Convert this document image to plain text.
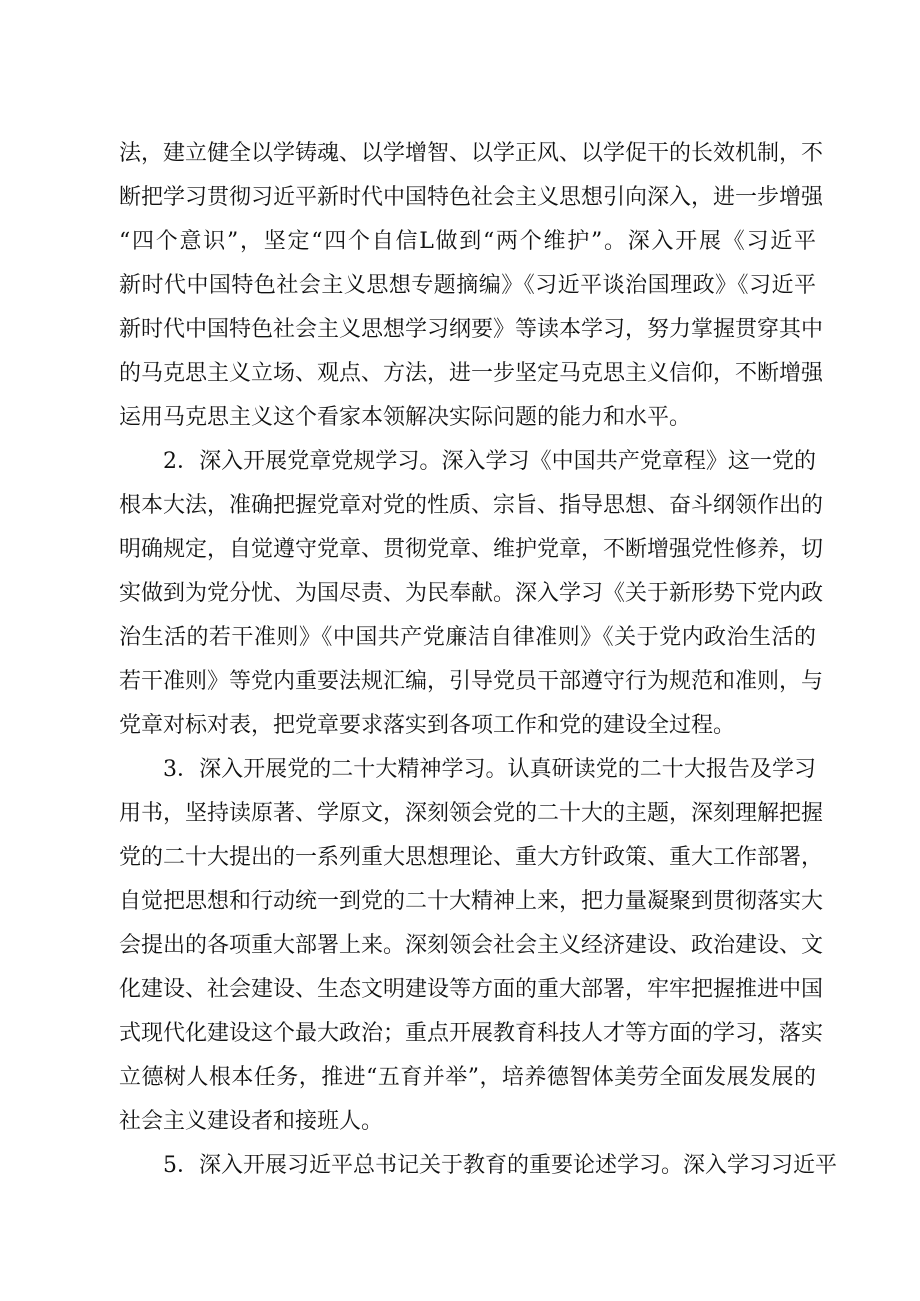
法，建立健全以学铸魂、以学增智、以学正风、以学促干的长效机制，不
断把学习贯彻习近平新时代中国特色社会主义思想引向深入，进一步增强
“四个意识”，坚定“四个自信L做到“两个维护”。深入开展《习近平
新时代中国特色社会主义思想专题摘编》《习近平谈治国理政》《习近平
新时代中国特色社会主义思想学习纲要》等读本学习，努力掌握贯穿其中
的马克思主义立场、观点、方法，进一步坚定马克思主义信仰，不断增强
运用马克思主义这个看家本领解决实际问题的能力和水平。
2．深入开展党章党规学习。深入学习《中国共产党章程》这一党的
根本大法，准确把握党章对党的性质、宗旨、指导思想、奋斗纲领作出的
明确规定，自觉遵守党章、贯彻党章、维护党章，不断增强党性修养，切
实做到为党分忧、为国尽责、为民奉献。深入学习《关于新形势下党内政
治生活的若干准则》《中国共产党廉洁自律准则》《关于党内政治生活的
若干准则》等党内重要法规汇编，引导党员干部遵守行为规范和准则，与
党章对标对表，把党章要求落实到各项工作和党的建设全过程。
3．深入开展党的二十大精神学习。认真研读党的二十大报告及学习
用书，坚持读原著、学原文，深刻领会党的二十大的主题，深刻理解把握
党的二十大提出的一系列重大思想理论、重大方针政策、重大工作部署，
自觉把思想和行动统一到党的二十大精神上来，把力量凝聚到贯彻落实大
会提出的各项重大部署上来。深刻领会社会主义经济建设、政治建设、文
化建设、社会建设、生态文明建设等方面的重大部署，牢牢把握推进中国
式现代化建设这个最大政治；重点开展教育科技人才等方面的学习，落实
立德树人根本任务，推进“五育并举”，培养德智体美劳全面发展发展的
社会主义建设者和接班人。
5．深入开展习近平总书记关于教育的重要论述学习。深入学习习近平
